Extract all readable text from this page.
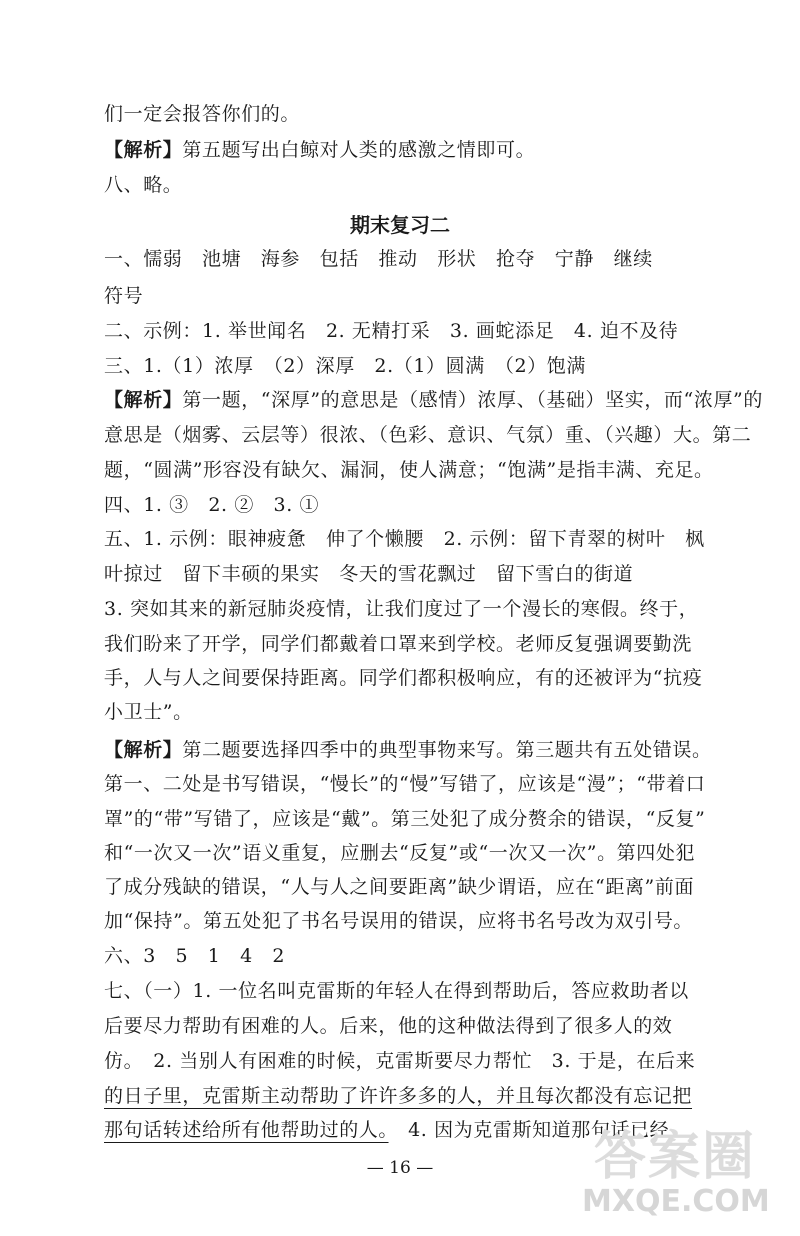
们一定会报答你们的。
【解析】第五题写出白鲸对人类的感激之情即可。
八、略。
期末复习二
一、懦弱　池塘　海参　包括　推动　形状　抢夺　宁静　继续
符号
二、示例：1. 举世闻名　2. 无精打采　3. 画蛇添足　4. 迫不及待
三、1.（1）浓厚　（2）深厚　2.（1）圆满　（2）饱满
【解析】第一题，“深厚”的意思是（感情）浓厚、（基础）坚实，而“浓厚”的
意思是（烟雾、云层等）很浓、（色彩、意识、气氛）重、（兴趣）大。第二
题，“圆满”形容没有缺欠、漏洞，使人满意；“饱满”是指丰满、充足。
四、1. ③　2. ②　3. ①
五、1. 示例：眼神疲惫　伸了个懒腰　2. 示例：留下青翠的树叶　枫
叶掠过　留下丰硕的果实　冬天的雪花飘过　留下雪白的街道
3. 突如其来的新冠肺炎疫情，让我们度过了一个漫长的寒假。终于，
我们盼来了开学，同学们都戴着口罩来到学校。老师反复强调要勤洗
手，人与人之间要保持距离。同学们都积极响应，有的还被评为“抗疫
小卫士”。
【解析】第二题要选择四季中的典型事物来写。第三题共有五处错误。
第一、二处是书写错误，“慢长”的“慢”写错了，应该是“漫”；“带着口
罩”的“带”写错了，应该是“戴”。第三处犯了成分赘余的错误，“反复”
和“一次又一次”语义重复，应删去“反复”或“一次又一次”。第四处犯
了成分残缺的错误，“人与人之间要距离”缺少谓语，应在“距离”前面
加“保持”。第五处犯了书名号误用的错误，应将书名号改为双引号。
六、3　5　1　4　2
七、（一）1. 一位名叫克雷斯的年轻人在得到帮助后，答应救助者以
后要尽力帮助有困难的人。后来，他的这种做法得到了很多人的效
仿。　2. 当别人有困难的时候，克雷斯要尽力帮忙　3. 于是，在后来
的日子里，克雷斯主动帮助了许许多多的人，并且每次都没有忘记把
那句话转述给所有他帮助过的人。　4. 因为克雷斯知道那句话已经
— 16 —	答案圈
MXQE.COM
